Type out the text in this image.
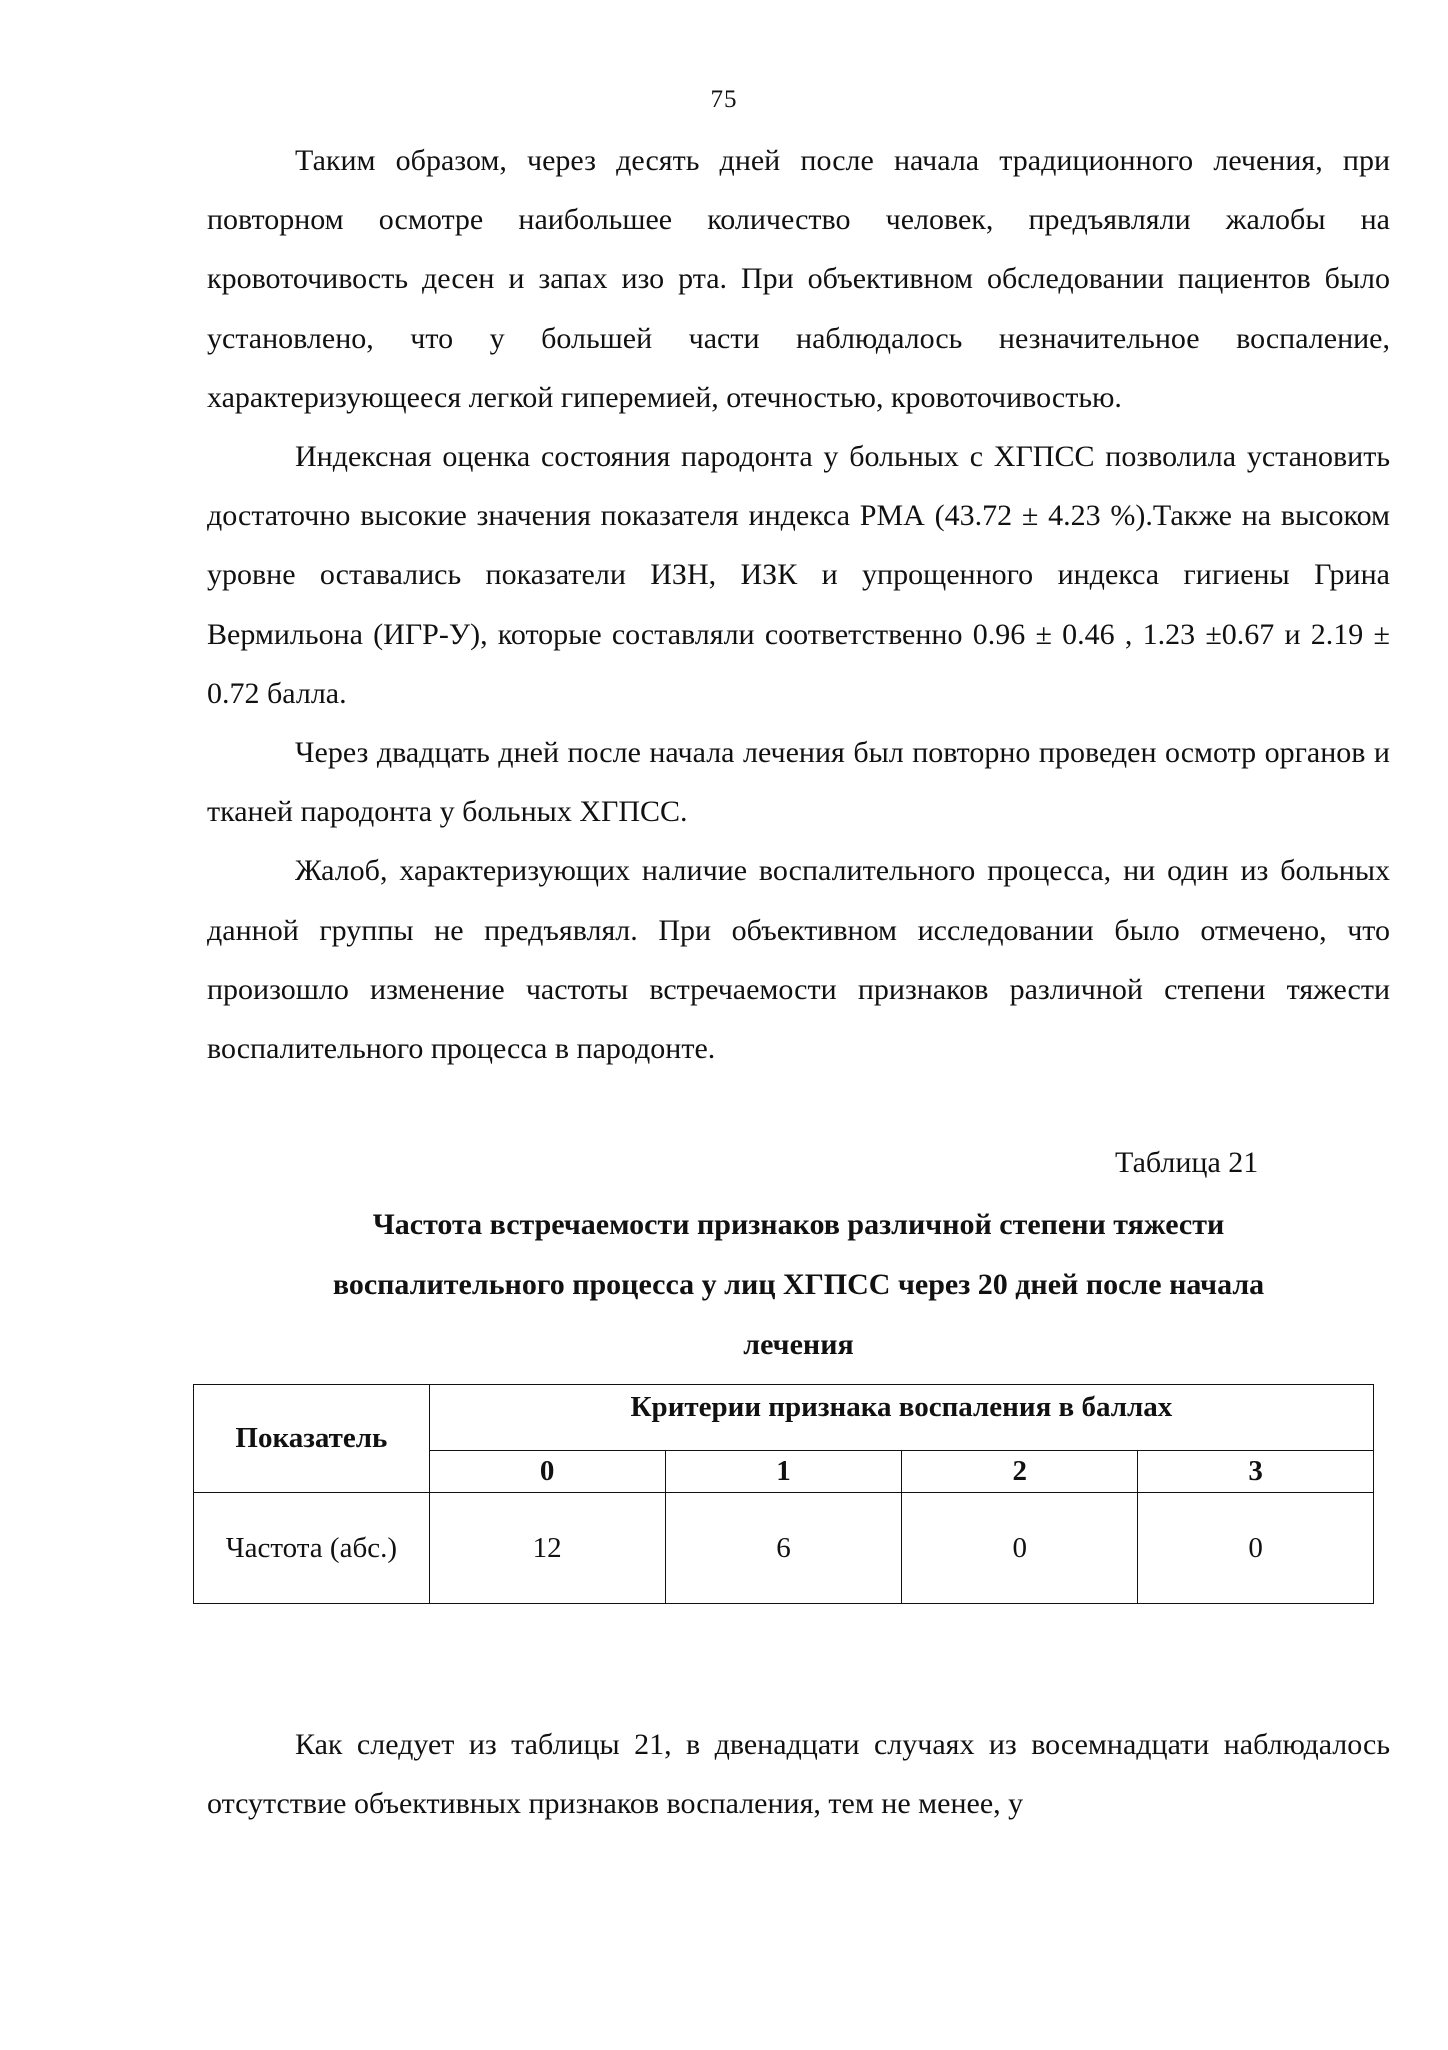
75

Таким образом, через десять дней после начала традиционного лечения, при повторном осмотре наибольшее количество человек, предъявляли жалобы на кровоточивость десен и запах изо рта. При объективном обследовании пациентов было установлено, что у большей части наблюдалось незначительное воспаление, характеризующееся легкой гиперемией, отечностью, кровоточивостью.

Индексная оценка состояния пародонта у больных с ХГПСС позволила установить достаточно высокие значения показателя индекса РМА (43.72 ± 4.23 %).Также на высоком уровне оставались показатели ИЗН, ИЗК и упрощенного индекса гигиены Грина Вермильона (ИГР-У), которые составляли соответственно 0.96 ± 0.46 , 1.23 ±0.67 и 2.19 ± 0.72 балла.

Через двадцать дней после начала лечения был повторно проведен осмотр органов и тканей пародонта у больных ХГПСС.

Жалоб, характеризующих наличие воспалительного процесса, ни один из больных данной группы не предъявлял. При объективном исследовании было отмечено, что произошло изменение частоты встречаемости признаков различной степени тяжести воспалительного процесса в пародонте.

Таблица 21
Частота встречаемости признаков различной степени тяжести
воспалительного процесса у лиц ХГПСС через 20 дней после начала
лечения
Показатель	Критерии признака воспаления в баллах			
	0	1	2	3
Частота (абс.)	12	6	0	0

Как следует из таблицы 21, в двенадцати случаях из восемнадцати наблюдалось отсутствие объективных признаков воспаления, тем не менее, у
